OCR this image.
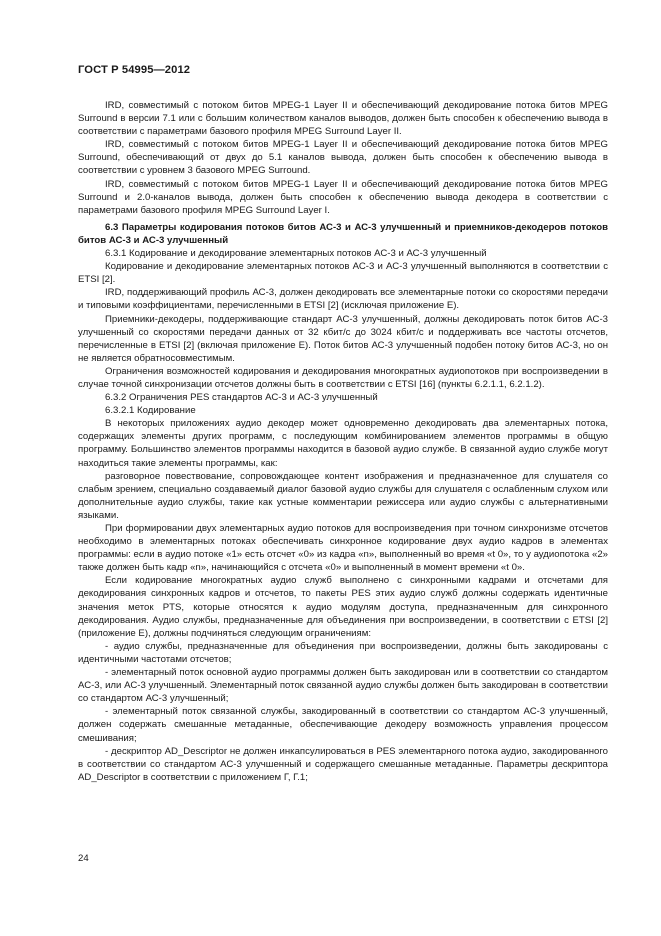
ГОСТ Р 54995—2012

IRD, совместимый с потоком битов MPEG-1 Layer II и обеспечивающий декодирование потока битов MPEG Surround в версии 7.1 или с большим количеством каналов выводов, должен быть способен к обеспечению вывода в соответствии с параметрами базового профиля MPEG Surround Layer II.

IRD, совместимый с потоком битов MPEG-1 Layer II и обеспечивающий декодирование потока битов MPEG Surround, обеспечивающий от двух до 5.1 каналов вывода, должен быть способен к обеспечению вывода в соответствии с уровнем 3 базового MPEG Surround.

IRD, совместимый с потоком битов MPEG-1 Layer II и обеспечивающий декодирование потока битов MPEG Surround и 2.0-каналов вывода, должен быть способен к обеспечению вывода декодера в соответствии с параметрами базового профиля MPEG Surround Layer I.

6.3 Параметры кодирования потоков битов АС-3 и АС-3 улучшенный и приемников-декодеров потоков битов АС-3 и АС-3 улучшенный

6.3.1 Кодирование и декодирование элементарных потоков АС-3 и АС-3 улучшенный

Кодирование и декодирование элементарных потоков АС-3 и АС-3 улучшенный выполняются в соответствии с ETSI [2].

IRD, поддерживающий профиль АС-3, должен декодировать все элементарные потоки со скоростями передачи и типовыми коэффициентами, перечисленными в ETSI [2] (исключая приложение Е).

Приемники-декодеры, поддерживающие стандарт АС-3 улучшенный, должны декодировать поток битов АС-3 улучшенный со скоростями передачи данных от 32 кбит/с до 3024 кбит/с и поддерживать все частоты отсчетов, перечисленные в ETSI [2] (включая приложение Е). Поток битов АС-3 улучшенный подобен потоку битов АС-3, но он не является обратносовместимым.

Ограничения возможностей кодирования и декодирования многократных аудиопотоков при воспроизведении в случае точной синхронизации отсчетов должны быть в соответствии с ETSI [16] (пункты 6.2.1.1, 6.2.1.2).

6.3.2 Ограничения PES стандартов АС-3 и АС-3 улучшенный

6.3.2.1 Кодирование

В некоторых приложениях аудио декодер может одновременно декодировать два элементарных потока, содержащих элементы других программ, с последующим комбинированием элементов программы в общую программу. Большинство элементов программы находится в базовой аудио службе. В связанной аудио службе могут находиться такие элементы программы, как:

разговорное повествование, сопровождающее контент изображения и предназначенное для слушателя со слабым зрением, специально создаваемый диалог базовой аудио службы для слушателя с ослабленным слухом или дополнительные аудио службы, такие как устные комментарии режиссера или аудио службы с альтернативными языками.

При формировании двух элементарных аудио потоков для воспроизведения при точном синхронизме отсчетов необходимо в элементарных потоках обеспечивать синхронное кодирование двух аудио кадров в элементах программы: если в аудио потоке «1» есть отсчет «0» из кадра «n», выполненный во время «t 0», то у аудиопотока «2» также должен быть кадр «n», начинающийся с отсчета «0» и выполненный в момент времени «t 0».

Если кодирование многократных аудио служб выполнено с синхронными кадрами и отсчетами для декодирования синхронных кадров и отсчетов, то пакеты PES этих аудио служб должны содержать идентичные значения меток PTS, которые относятся к аудио модулям доступа, предназначенным для синхронного декодирования. Аудио службы, предназначенные для объединения при воспроизведении, в соответствии с ETSI [2] (приложение Е), должны подчиняться следующим ограничениям:

- аудио службы, предназначенные для объединения при воспроизведении, должны быть закодированы с идентичными частотами отсчетов;

- элементарный поток основной аудио программы должен быть закодирован или в соответствии со стандартом АС-3, или АС-3 улучшенный. Элементарный поток связанной аудио службы должен быть закодирован в соответствии со стандартом АС-3 улучшенный;

- элементарный поток связанной службы, закодированный в соответствии со стандартом АС-3 улучшенный, должен содержать смешанные метаданные, обеспечивающие декодеру возможность управления процессом смешивания;

- дескриптор AD_Descriptor не должен инкапсулироваться в PES элементарного потока аудио, закодированного в соответствии со стандартом АС-3 улучшенный и содержащего смешанные метаданные. Параметры дескриптора AD_Descriptor в соответствии с приложением Г, Г.1;

24
